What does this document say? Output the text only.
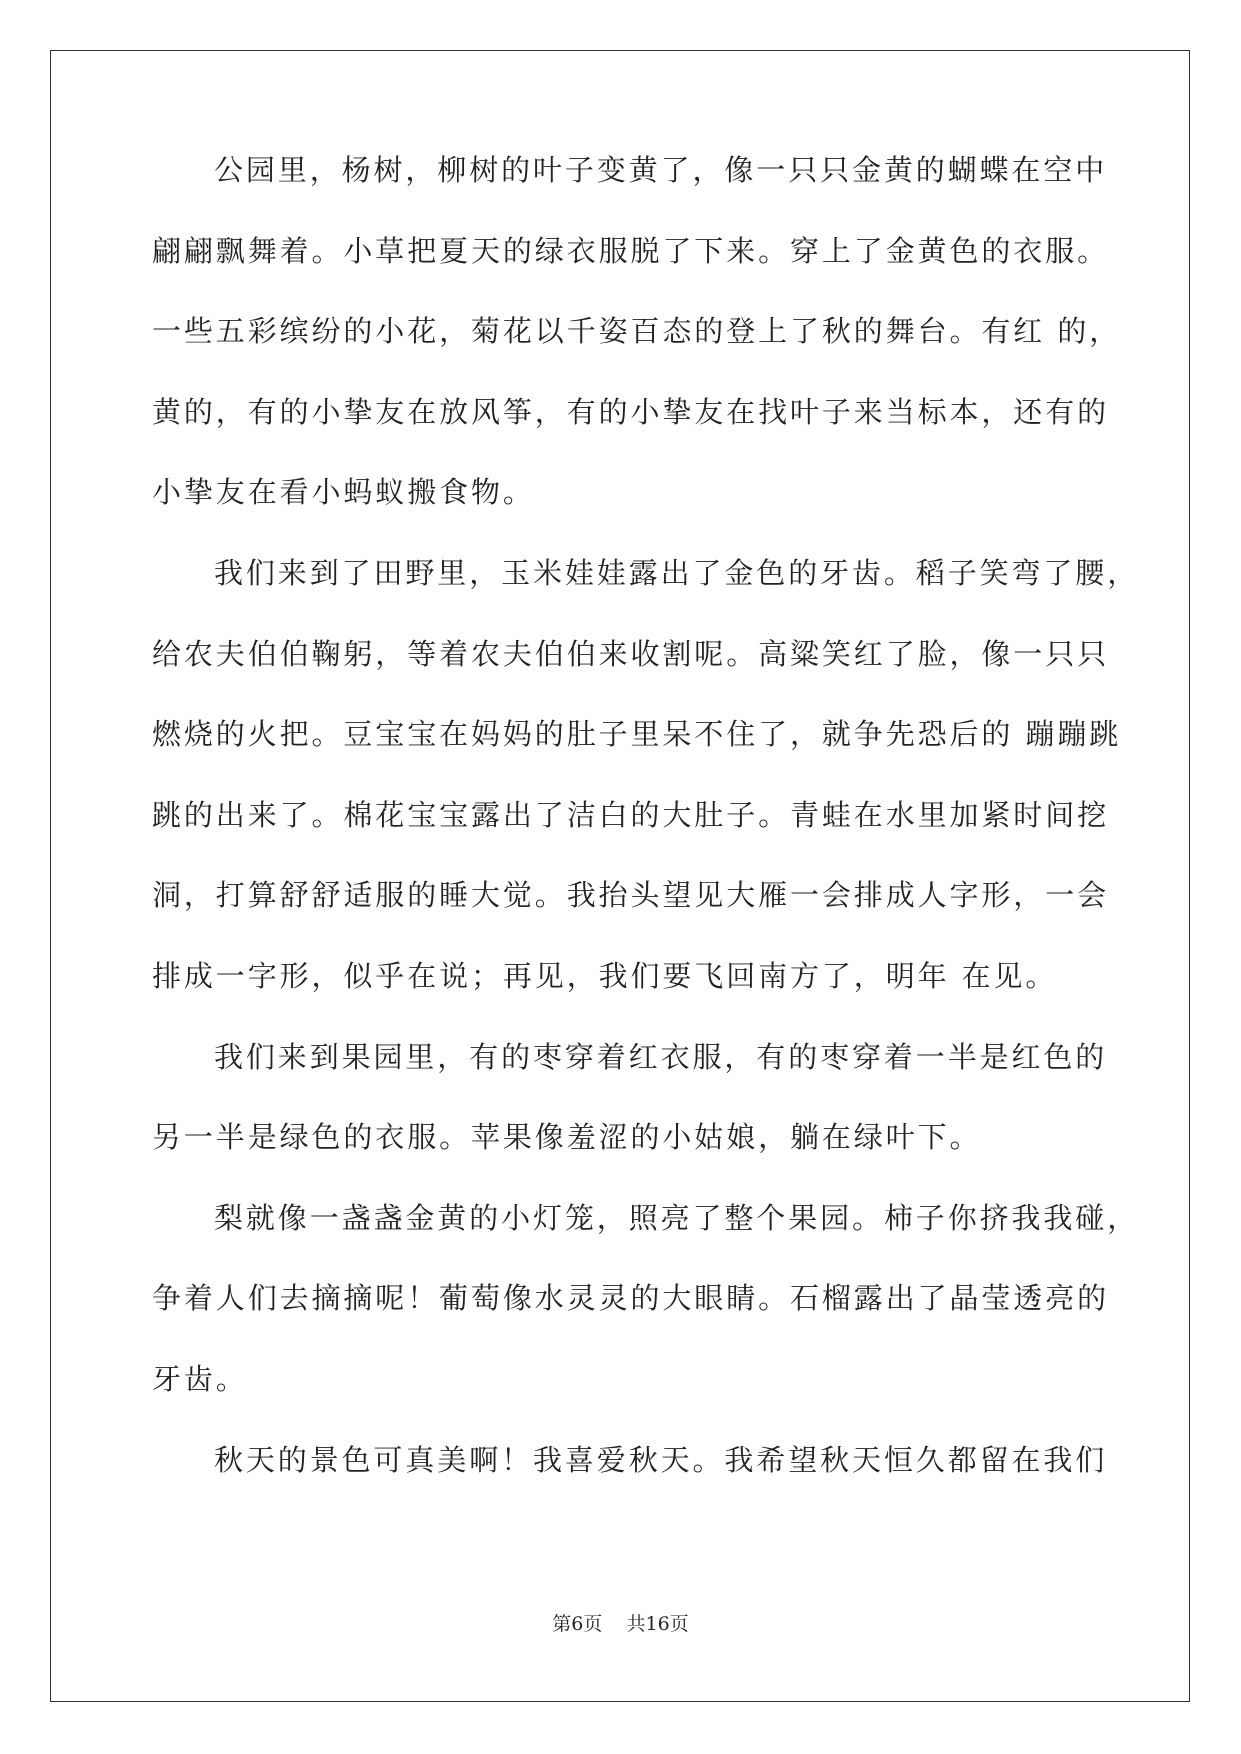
公园里，杨树，柳树的叶子变黄了，像一只只金黄的蝴蝶在空中
翩翩飘舞着。小草把夏天的绿衣服脱了下来。穿上了金黄色的衣服。
一些五彩缤纷的小花，菊花以千姿百态的登上了秋的舞台。有红 的，
黄的，有的小挚友在放风筝，有的小挚友在找叶子来当标本，还有的
小挚友在看小蚂蚁搬食物。
我们来到了田野里，玉米娃娃露出了金色的牙齿。稻子笑弯了腰，
给农夫伯伯鞠躬，等着农夫伯伯来收割呢。高粱笑红了脸，像一只只
燃烧的火把。豆宝宝在妈妈的肚子里呆不住了，就争先恐后的 蹦蹦跳
跳的出来了。棉花宝宝露出了洁白的大肚子。青蛙在水里加紧时间挖
洞，打算舒舒适服的睡大觉。我抬头望见大雁一会排成人字形，一会
排成一字形，似乎在说；再见，我们要飞回南方了，明年 在见。
我们来到果园里，有的枣穿着红衣服，有的枣穿着一半是红色的
另一半是绿色的衣服。苹果像羞涩的小姑娘，躺在绿叶下。
梨就像一盏盏金黄的小灯笼，照亮了整个果园。柿子你挤我我碰，
争着人们去摘摘呢！葡萄像水灵灵的大眼睛。石榴露出了晶莹透亮的
牙齿。
秋天的景色可真美啊！我喜爱秋天。我希望秋天恒久都留在我们
第6页 共16页
